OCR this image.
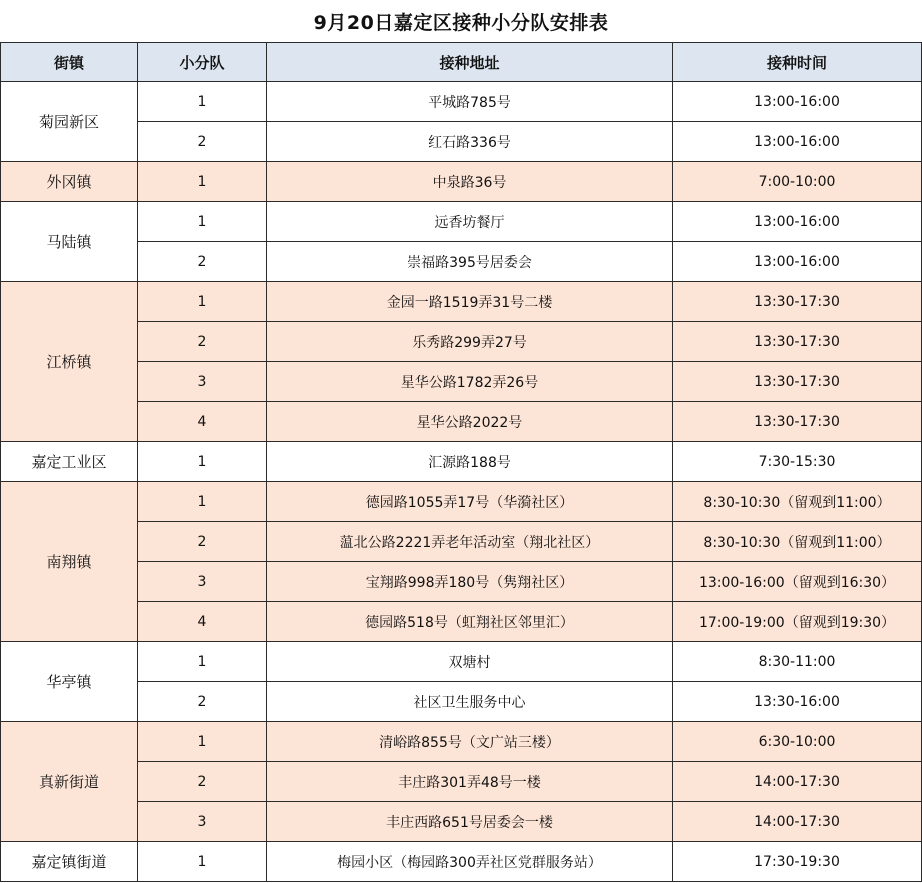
9月20日嘉定区接种小分队安排表
街镇	小分队	接种地址	接种时间
菊园新区	1	平城路785号	13:00-16:00
	2	红石路336号	13:00-16:00
外冈镇	1	中泉路36号	7:00-10:00
马陆镇	1	远香坊餐厅	13:00-16:00
	2	崇福路395号居委会	13:00-16:00
江桥镇	1	金园一路1519弄31号二楼	13:30-17:30
	2	乐秀路299弄27号	13:30-17:30
	3	星华公路1782弄26号	13:30-17:30
	4	星华公路2022号	13:30-17:30
嘉定工业区	1	汇源路188号	7:30-15:30
南翔镇	1	德园路1055弄17号（华漪社区）	8:30-10:30（留观到11:00）
	2	蕰北公路2221弄老年活动室（翔北社区）	8:30-10:30（留观到11:00）
	3	宝翔路998弄180号（隽翔社区）	13:00-16:00（留观到16:30）
	4	德园路518号（虹翔社区邻里汇）	17:00-19:00（留观到19:30）
华亭镇	1	双塘村	8:30-11:00
	2	社区卫生服务中心	13:30-16:00
真新街道	1	清峪路855号（文广站三楼）	6:30-10:00
	2	丰庄路301弄48号一楼	14:00-17:30
	3	丰庄西路651号居委会一楼	14:00-17:30
嘉定镇街道	1	梅园小区（梅园路300弄社区党群服务站）	17:30-19:30
